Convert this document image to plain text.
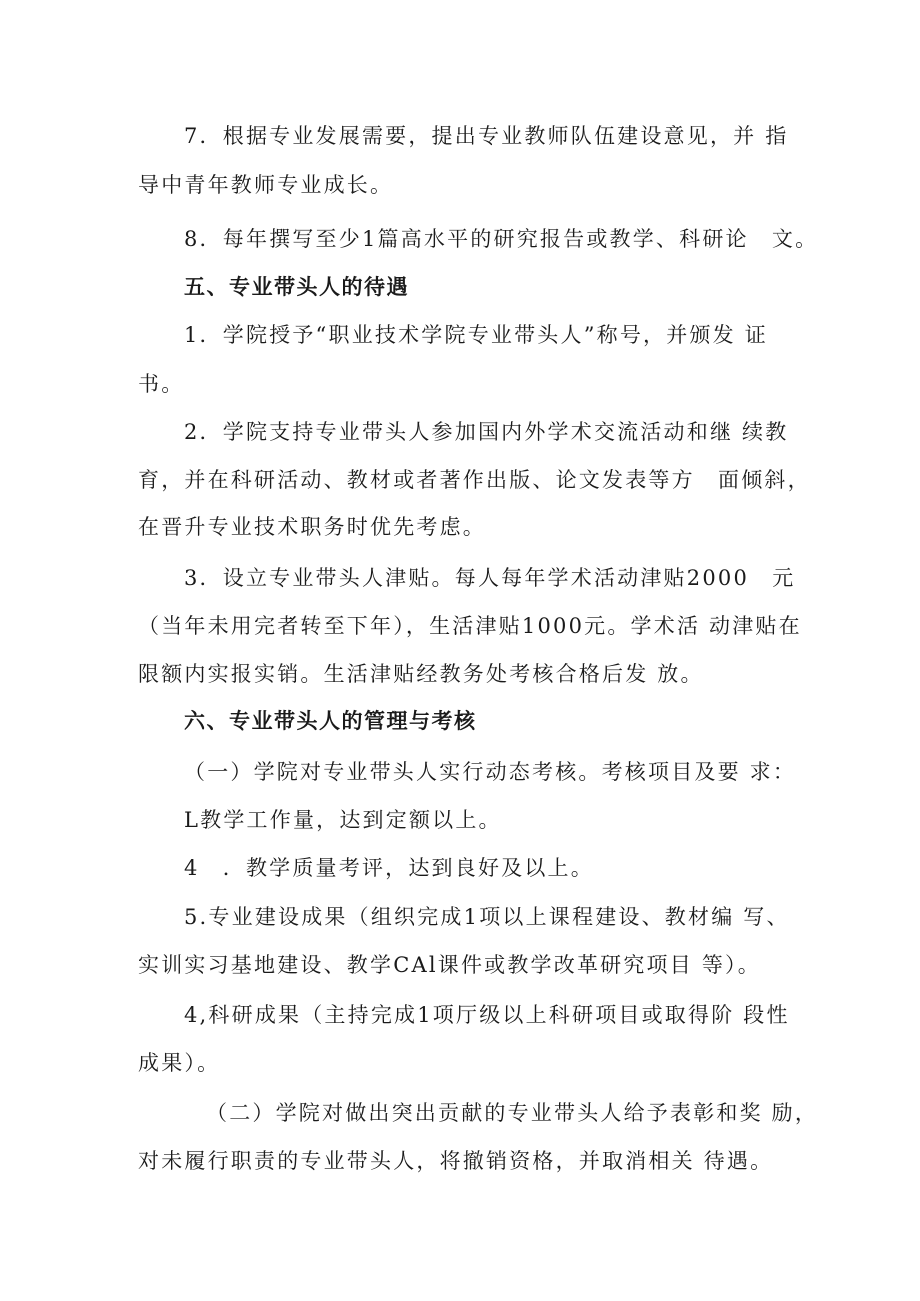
7．根据专业发展需要，提出专业教师队伍建设意见，并 指
导中青年教师专业成长。
8．每年撰写至少1篇高水平的研究报告或教学、科研论　文。
五、专业带头人的待遇
1．学院授予“职业技术学院专业带头人”称号，并颁发 证
书。
2．学院支持专业带头人参加国内外学术交流活动和继 续教
育，并在科研活动、教材或者著作出版、论文发表等方　面倾斜，
在晋升专业技术职务时优先考虑。
3．设立专业带头人津贴。每人每年学术活动津贴2000　元
（当年未用完者转至下年），生活津贴1000元。学术活 动津贴在
限额内实报实销。生活津贴经教务处考核合格后发 放。
六、专业带头人的管理与考核
（一）学院对专业带头人实行动态考核。考核项目及要 求：
L教学工作量，达到定额以上。
4　．教学质量考评，达到良好及以上。
5.专业建设成果（组织完成1项以上课程建设、教材编 写、
实训实习基地建设、教学CAl课件或教学改革研究项目 等）。
4,科研成果（主持完成1项厅级以上科研项目或取得阶 段性
成果）。
（二）学院对做出突出贡献的专业带头人给予表彰和奖 励，
对未履行职责的专业带头人，将撤销资格，并取消相关 待遇。
